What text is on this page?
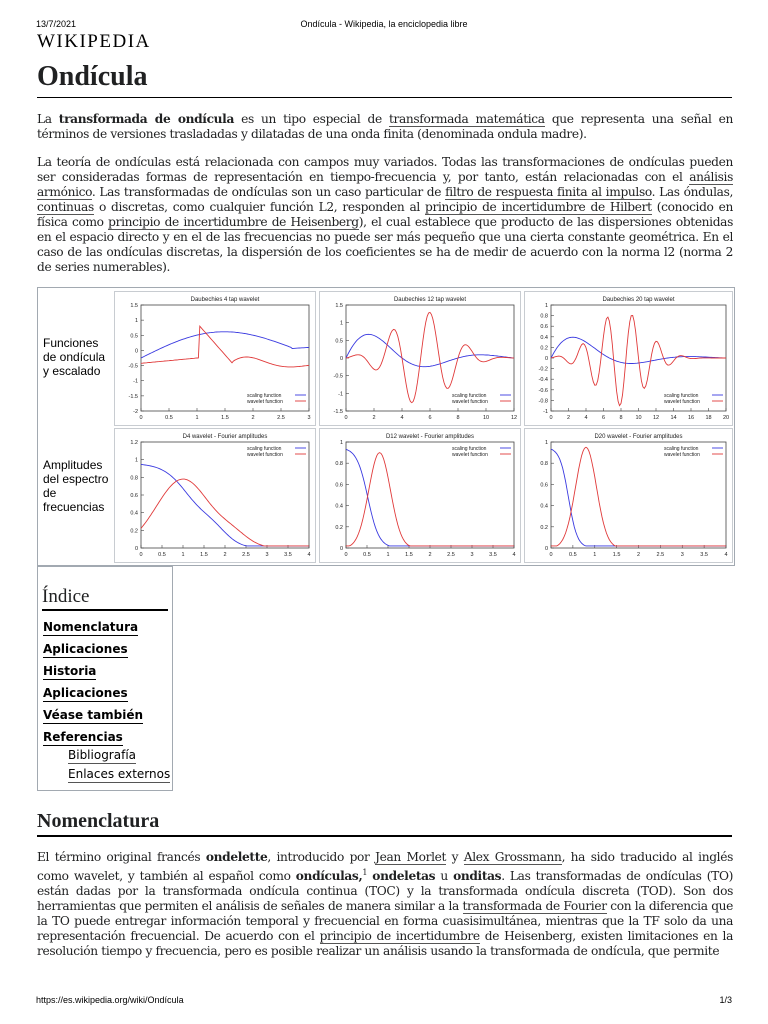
13/7/2021	Ondícula - Wikipedia, la enciclopedia libre
WIKIPEDIA
Ondícula

La transformada de ondícula es un tipo especial de transformada matemática que representa una señal en términos de versiones trasladadas y dilatadas de una onda finita (denominada ondula madre).

La teoría de ondículas está relacionada con campos muy variados. Todas las transformaciones de ondículas pueden ser consideradas formas de representación en tiempo-frecuencia y, por tanto, están relacionadas con el análisis armónico. Las transformadas de ondículas son un caso particular de filtro de respuesta finita al impulso. Las óndulas, continuas o discretas, como cualquier función L2, responden al principio de incertidumbre de Hilbert (conocido en física como principio de incertidumbre de Heisenberg), el cual establece que producto de las dispersiones obtenidas en el espacio directo y en el de las frecuencias no puede ser más pequeño que una cierta constante geométrica. En el caso de las ondículas discretas, la dispersión de los coeficientes se ha de medir de acuerdo con la norma l2 (norma 2 de series numerables).

Funciones de ondícula y escalado
Amplitudes del espectro de frecuencias
Daubechies 4 tap wavelet
1.5
1
0.5
0
-0.5
-1
-1.5
-2
0	0.5	1	1.5	2	2.5	3
scaling function
wavelet function
Daubechies 12 tap wavelet
1.5
1
0.5
0
-0.5
-1
-1.5
0	2	4	6	8	10	12
scaling function
wavelet function
Daubechies 20 tap wavelet
1
0.8
0.6
0.4
0.2
0
-0.2
-0.4
-0.6
-0.8
-1
0	2	4	6	8 10 12 14 16 18 20
scaling function
wavelet function
D4 wavelet - Fourier amplitudes
1.2
1
0.8
0.6
0.4
0.2
0
0	0.5	1	1.5	2	2.5	3	3.5	4
scaling function
wavelet function
D12 wavelet - Fourier amplitudes
1
0.8
0.6
0.4
0.2
0
0	0.5	1	1.5	2	2.5	3	3.5	4
scaling function
wavelet function
D20 wavelet - Fourier amplitudes
1
0.8
0.6
0.4
0.2
0
0	0.5	1	1.5	2	2.5	3	3.5	4
scaling function
wavelet function
Índice
Nomenclatura
Aplicaciones
Historia
Aplicaciones
Véase también
Referencias
Bibliografía
Enlaces externos
Nomenclatura

El término original francés ondelette, introducido por Jean Morlet y Alex Grossmann, ha sido traducido al inglés como wavelet, y también al español como ondículas,$^1$ ondeletas u onditas. Las transformadas de ondículas (TO) están dadas por la transformada ondícula continua (TOC) y la transformada ondícula discreta (TOD). Son dos herramientas que permiten el análisis de señales de manera similar a la transformada de Fourier con la diferencia que la TO puede entregar información temporal y frecuencial en forma cuasisimultánea, mientras que la TF solo da una representación frecuencial. De acuerdo con el principio de incertidumbre de Heisenberg, existen limitaciones en la resolución tiempo y frecuencia, pero es posible realizar un análisis usando la transformada de ondícula, que permite

https://es.wikipedia.org/wiki/Ondícula	1/3
